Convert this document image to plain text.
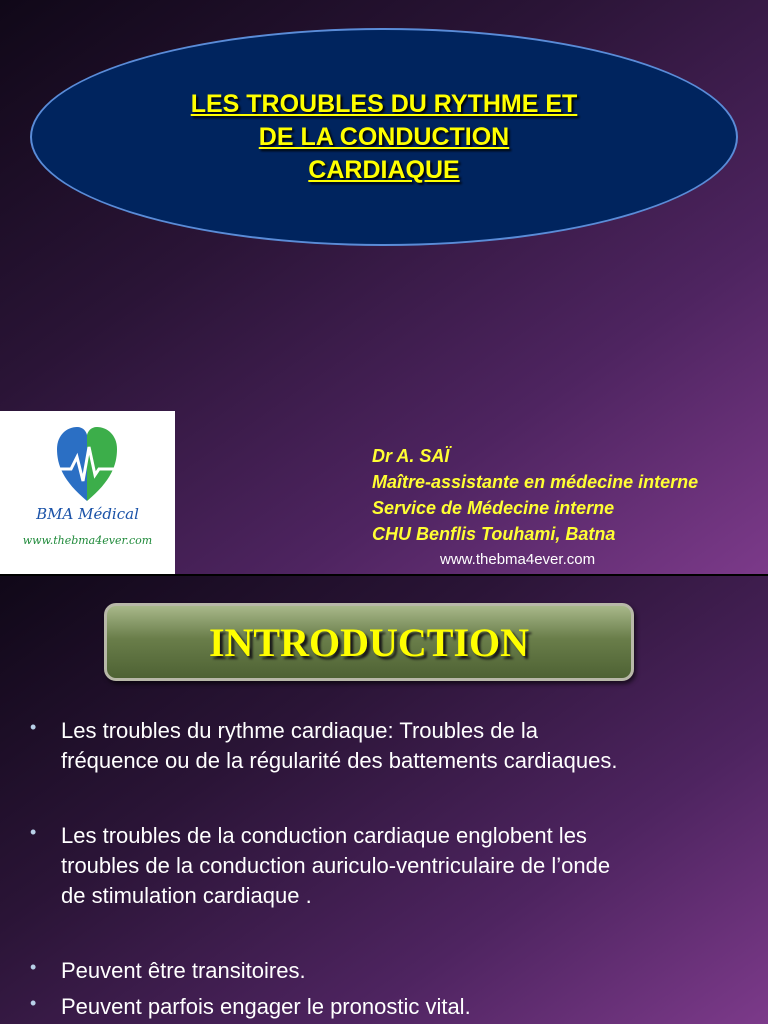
LES TROUBLES DU RYTHME ET
DE LA CONDUCTION
CARDIAQUE
BMA Médical
www.thebma4ever.com
Dr A. SAÏ
Maître-assistante en médecine interne
Service de Médecine interne
CHU Benflis Touhami, Batna
www.thebma4ever.com
INTRODUCTION
• Les troubles du rythme cardiaque: Troubles de la
fréquence ou de la régularité des battements cardiaques.
• Les troubles de la conduction cardiaque englobent les
troubles de la conduction auriculo-ventriculaire de l’onde
de stimulation cardiaque .
• Peuvent être transitoires.
• Peuvent parfois engager le pronostic vital.
